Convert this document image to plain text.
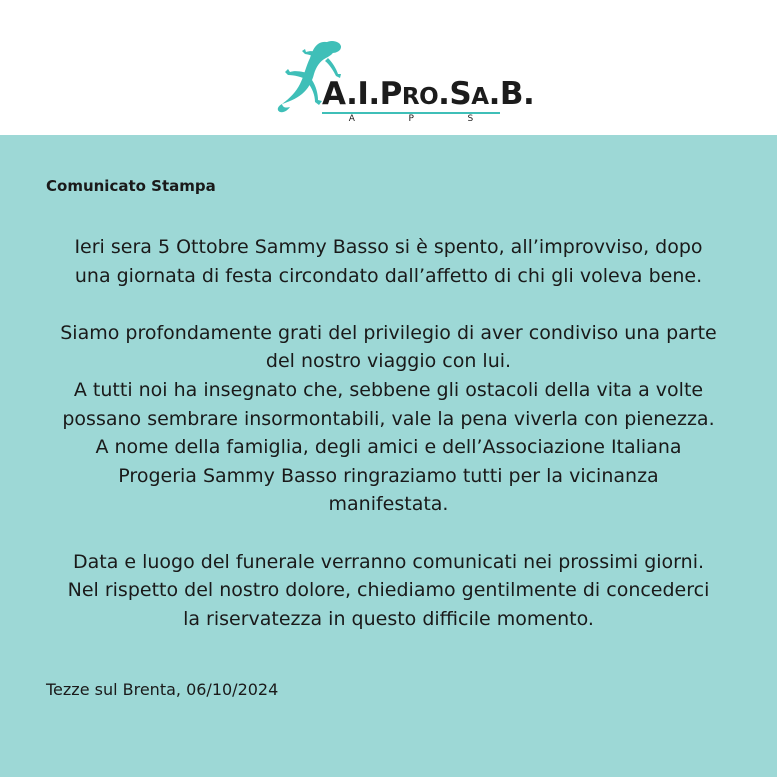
A.I.PRO.SA.B.
A	P	S
Comunicato Stampa

Ieri sera 5 Ottobre Sammy Basso si è spento, all’improvviso, dopo

una giornata di festa circondato dall’affetto di chi gli voleva bene.

Siamo profondamente grati del privilegio di aver condiviso una parte

del nostro viaggio con lui.

A tutti noi ha insegnato che, sebbene gli ostacoli della vita a volte

possano sembrare insormontabili, vale la pena viverla con pienezza.

A nome della famiglia, degli amici e dell’Associazione Italiana

Progeria Sammy Basso ringraziamo tutti per la vicinanza

manifestata.

Data e luogo del funerale verranno comunicati nei prossimi giorni.

Nel rispetto del nostro dolore, chiediamo gentilmente di concederci

la riservatezza in questo difficile momento.

Tezze sul Brenta, 06/10/2024
